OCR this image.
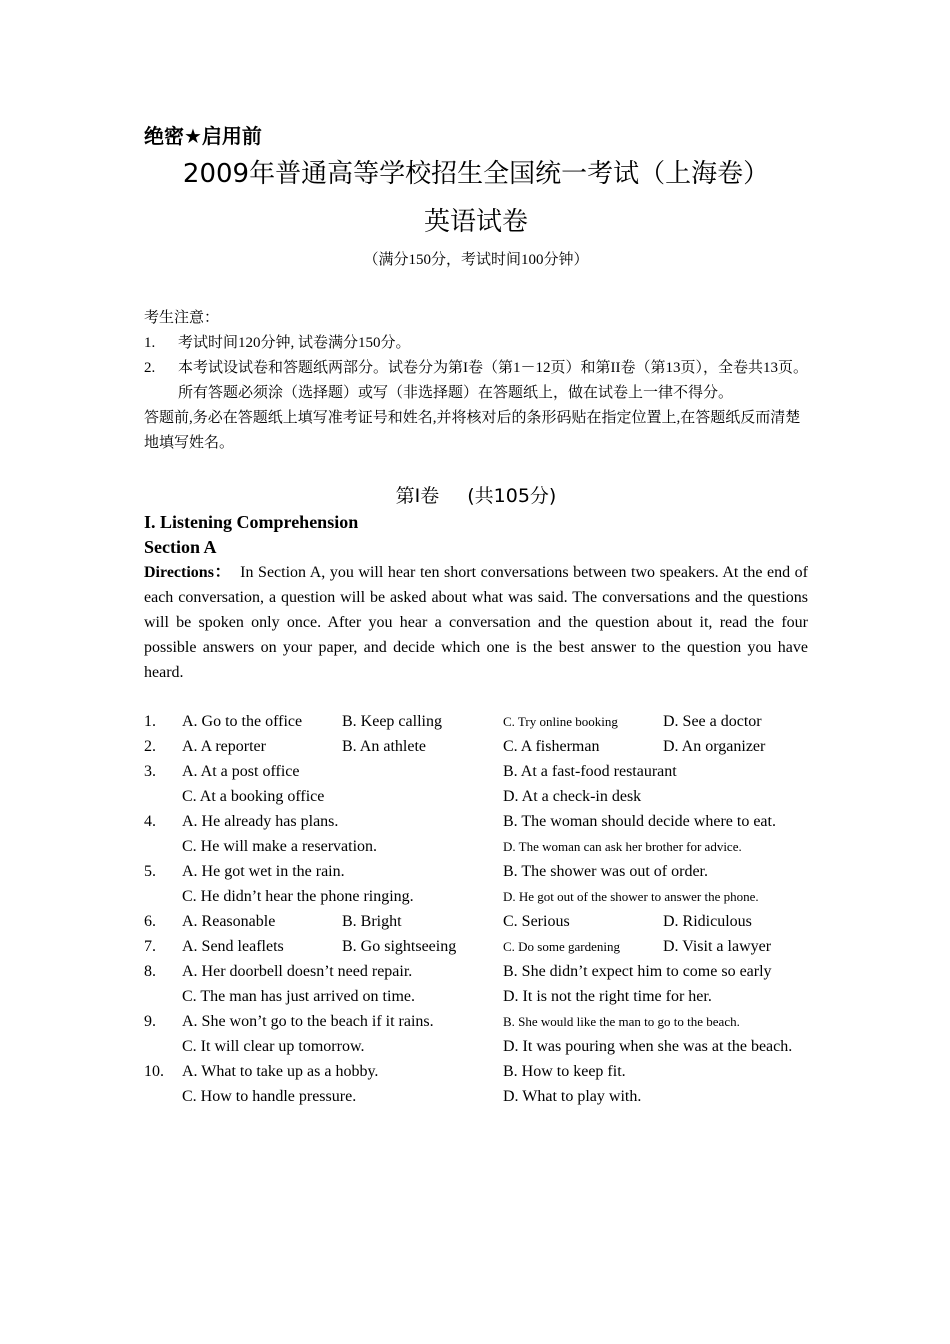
绝密★启用前
2009年普通高等学校招生全国统一考试（上海卷）
英语试卷
（满分150分，考试时间100分钟）
考生注意：
1.	考试时间120分钟, 试卷满分150分。
2.	本考试设试卷和答题纸两部分。试卷分为第I卷（第1－12页）和第II卷（第13页），全卷共13页。所有答题必须涂（选择题）或写（非选择题）在答题纸上，做在试卷上一律不得分。
答题前,务必在答题纸上填写准考证号和姓名,并将核对后的条形码贴在指定位置上,在答题纸反而清楚地填写姓名。
第I卷 (共105分)
I. Listening Comprehension
Section A
Directions： In Section A, you will hear ten short conversations between two speakers. At the end of each conversation, a question will be asked about what was said. The conversations and the questions will be spoken only once. After you hear a conversation and the question about it, read the four possible answers on your paper, and decide which one is the best answer to the question you have heard.
1. A. Go to the office B. Keep calling	C. Try online booking	D. See a doctor
2. A. A reporter	B. An athlete	C. A fisherman	D. An organizer
3. A. At a post office	B. At a fast-food restaurant
C. At a booking office	D. At a check-in desk
4. A. He already has plans.	B. The woman should decide where to eat.
C. He will make a reservation.	D. The woman can ask her brother for advice.
5. A. He got wet in the rain.	B. The shower was out of order.
C. He didn’t hear the phone ringing.	D. He got out of the shower to answer the phone.
6. A. Reasonable	B. Bright	C. Serious	D. Ridiculous
7. A. Send leaflets	B. Go sightseeing	C. Do some gardening	D. Visit a lawyer
8. A. Her doorbell doesn’t need repair.	B. She didn’t expect him to come so early
C. The man has just arrived on time.	D. It is not the right time for her.
9. A. She won’t go to the beach if it rains.	B. She would like the man to go to the beach.
C. It will clear up tomorrow.	D. It was pouring when she was at the beach.
10. A. What to take up as a hobby.	B. How to keep fit.
C. How to handle pressure.	D. What to play with.
